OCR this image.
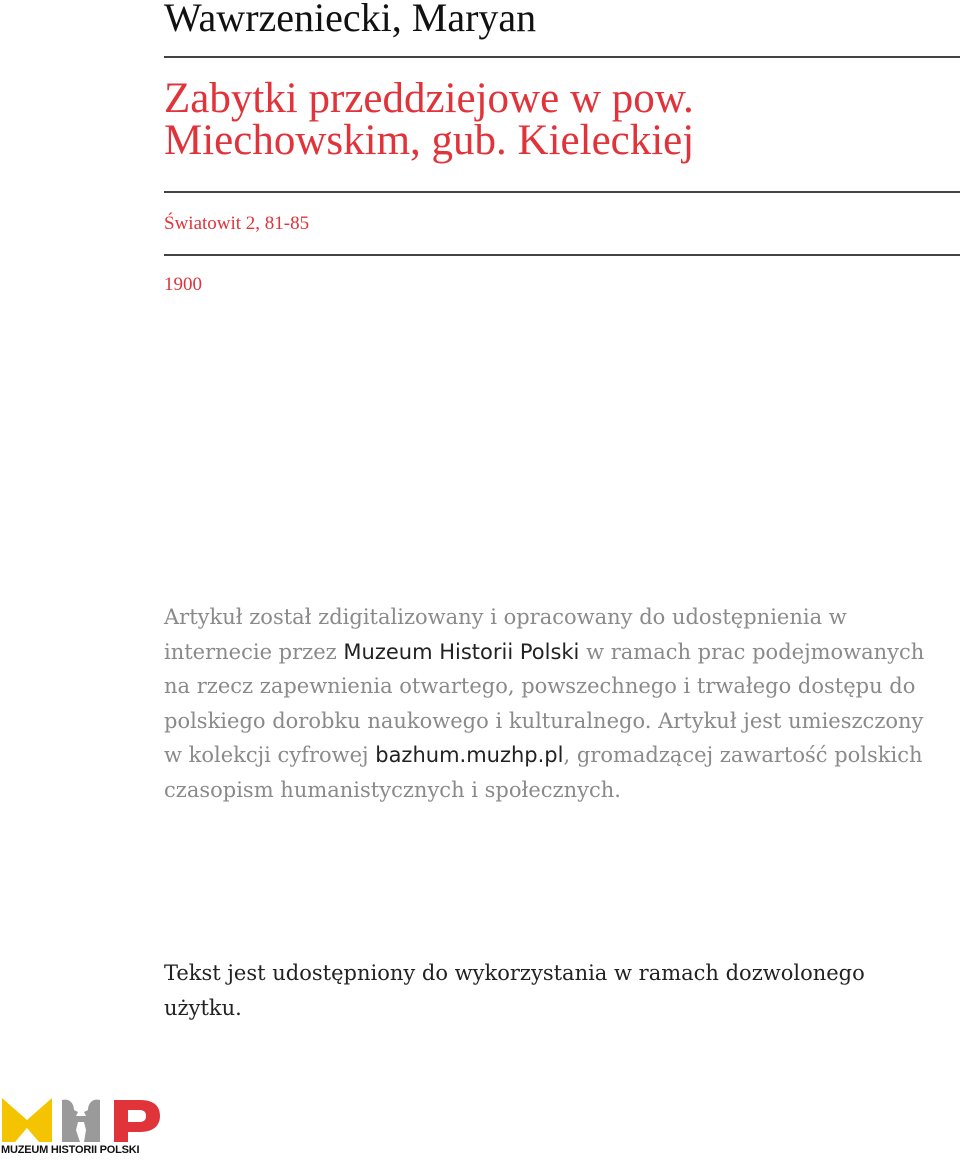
Wawrzeniecki, Maryan
Zabytki przeddziejowe w pow. Miechowskim, gub. Kieleckiej
Światowit 2, 81-85
1900
Artykuł został zdigitalizowany i opracowany do udostępnienia w internecie przez Muzeum Historii Polski w ramach prac podejmowanych na rzecz zapewnienia otwartego, powszechnego i trwałego dostępu do polskiego dorobku naukowego i kulturalnego. Artykuł jest umieszczony w kolekcji cyfrowej bazhum.muzhp.pl, gromadzącej zawartość polskich czasopism humanistycznych i społecznych.
Tekst jest udostępniony do wykorzystania w ramach dozwolonego użytku.
MUZEUM HISTORII POLSKI
